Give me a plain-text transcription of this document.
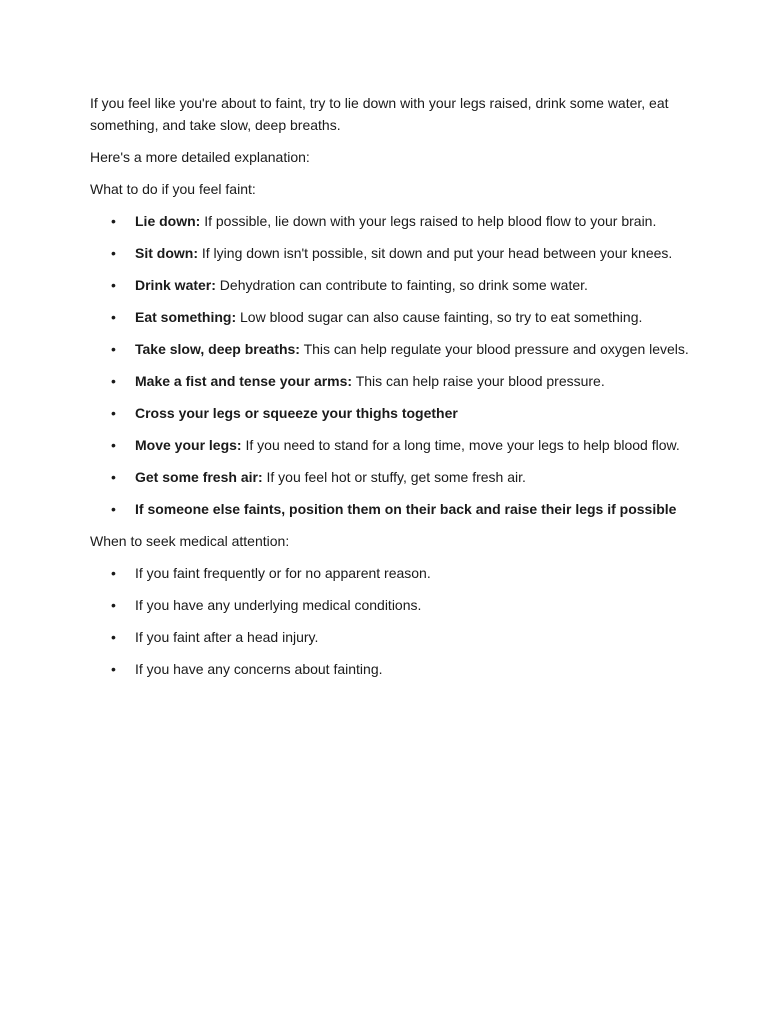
If you feel like you're about to faint, try to lie down with your legs raised, drink some water, eat something, and take slow, deep breaths.

Here's a more detailed explanation:

What to do if you feel faint:

• Lie down: If possible, lie down with your legs raised to help blood flow to your brain.
• Sit down: If lying down isn't possible, sit down and put your head between your knees.
• Drink water: Dehydration can contribute to fainting, so drink some water.
• Eat something: Low blood sugar can also cause fainting, so try to eat something.
• Take slow, deep breaths: This can help regulate your blood pressure and oxygen levels.
• Make a fist and tense your arms: This can help raise your blood pressure.
• Cross your legs or squeeze your thighs together
• Move your legs: If you need to stand for a long time, move your legs to help blood flow.
• Get some fresh air: If you feel hot or stuffy, get some fresh air.
• If someone else faints, position them on their back and raise their legs if possible

When to seek medical attention:

• If you faint frequently or for no apparent reason.
• If you have any underlying medical conditions.
• If you faint after a head injury.
• If you have any concerns about fainting.
